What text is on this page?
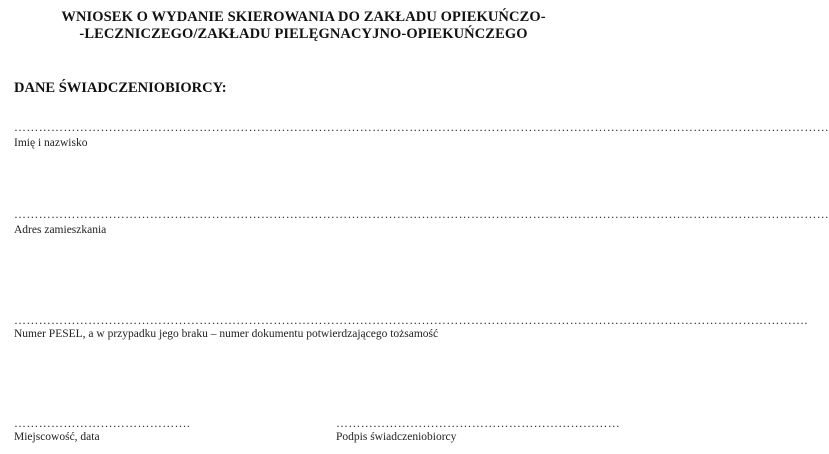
WNIOSEK O WYDANIE SKIEROWANIA DO ZAKŁADU OPIEKUŃCZO-
-LECZNICZEGO/ZAKŁADU PIELĘGNACYJNO-OPIEKUŃCZEGO
DANE ŚWIADCZENIOBIORCY:
………………………………………………………………………………………………………………………………………………………………………………
Imię i nazwisko
………………………………………………………………………………………………………………………………………………………………………………
Adres zamieszkania
………………………………………………………………………………………………………………………………………………………………………….
Numer PESEL, a w przypadku jego braku – numer dokumentu potwierdzającego tożsamość
…………………………………….
Miejscowość, data
……………………………………………………………
Podpis świadczeniobiorcy
